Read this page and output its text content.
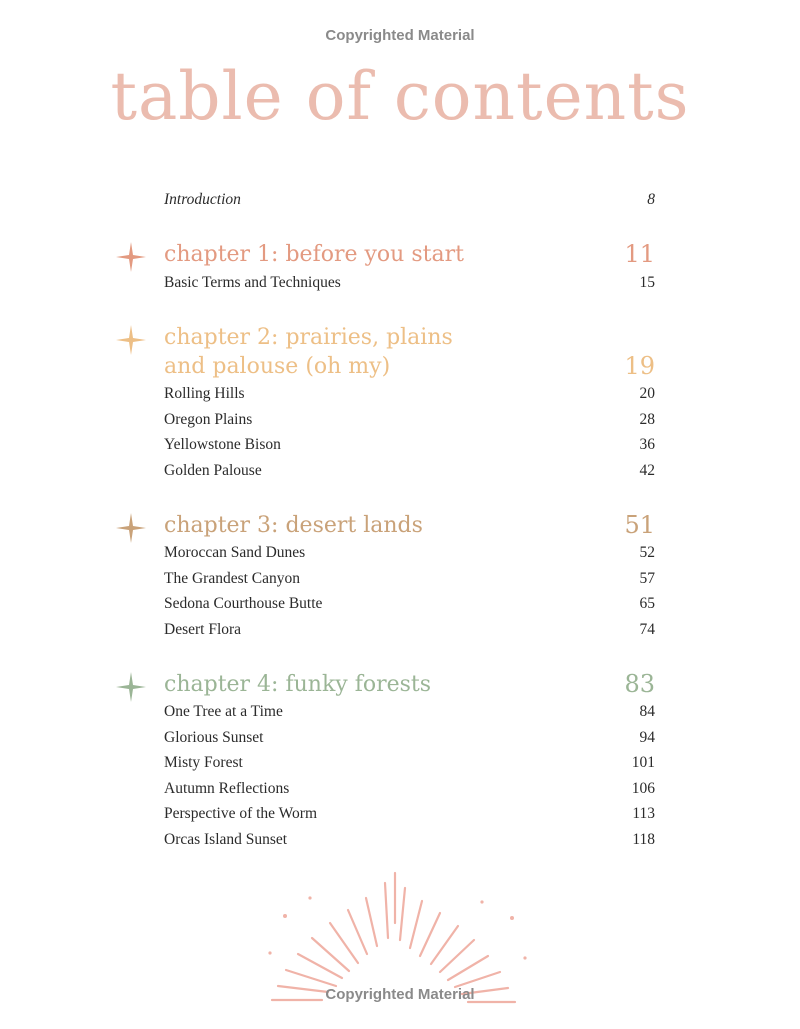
Copyrighted Material
table of contents
Introduction	8
chapter 1: before you start	11
Basic Terms and Techniques	15
chapter 2: prairies, plains
and palouse (oh my)	19
Rolling Hills	20
Oregon Plains	28
Yellowstone Bison	36
Golden Palouse	42
chapter 3: desert lands	51
Moroccan Sand Dunes	52
The Grandest Canyon	57
Sedona Courthouse Butte	65
Desert Flora	74
chapter 4: funky forests	83
One Tree at a Time	84
Glorious Sunset	94
Misty Forest	101
Autumn Reflections	106
Perspective of the Worm	113
Orcas Island Sunset	118
Copyrighted Material
